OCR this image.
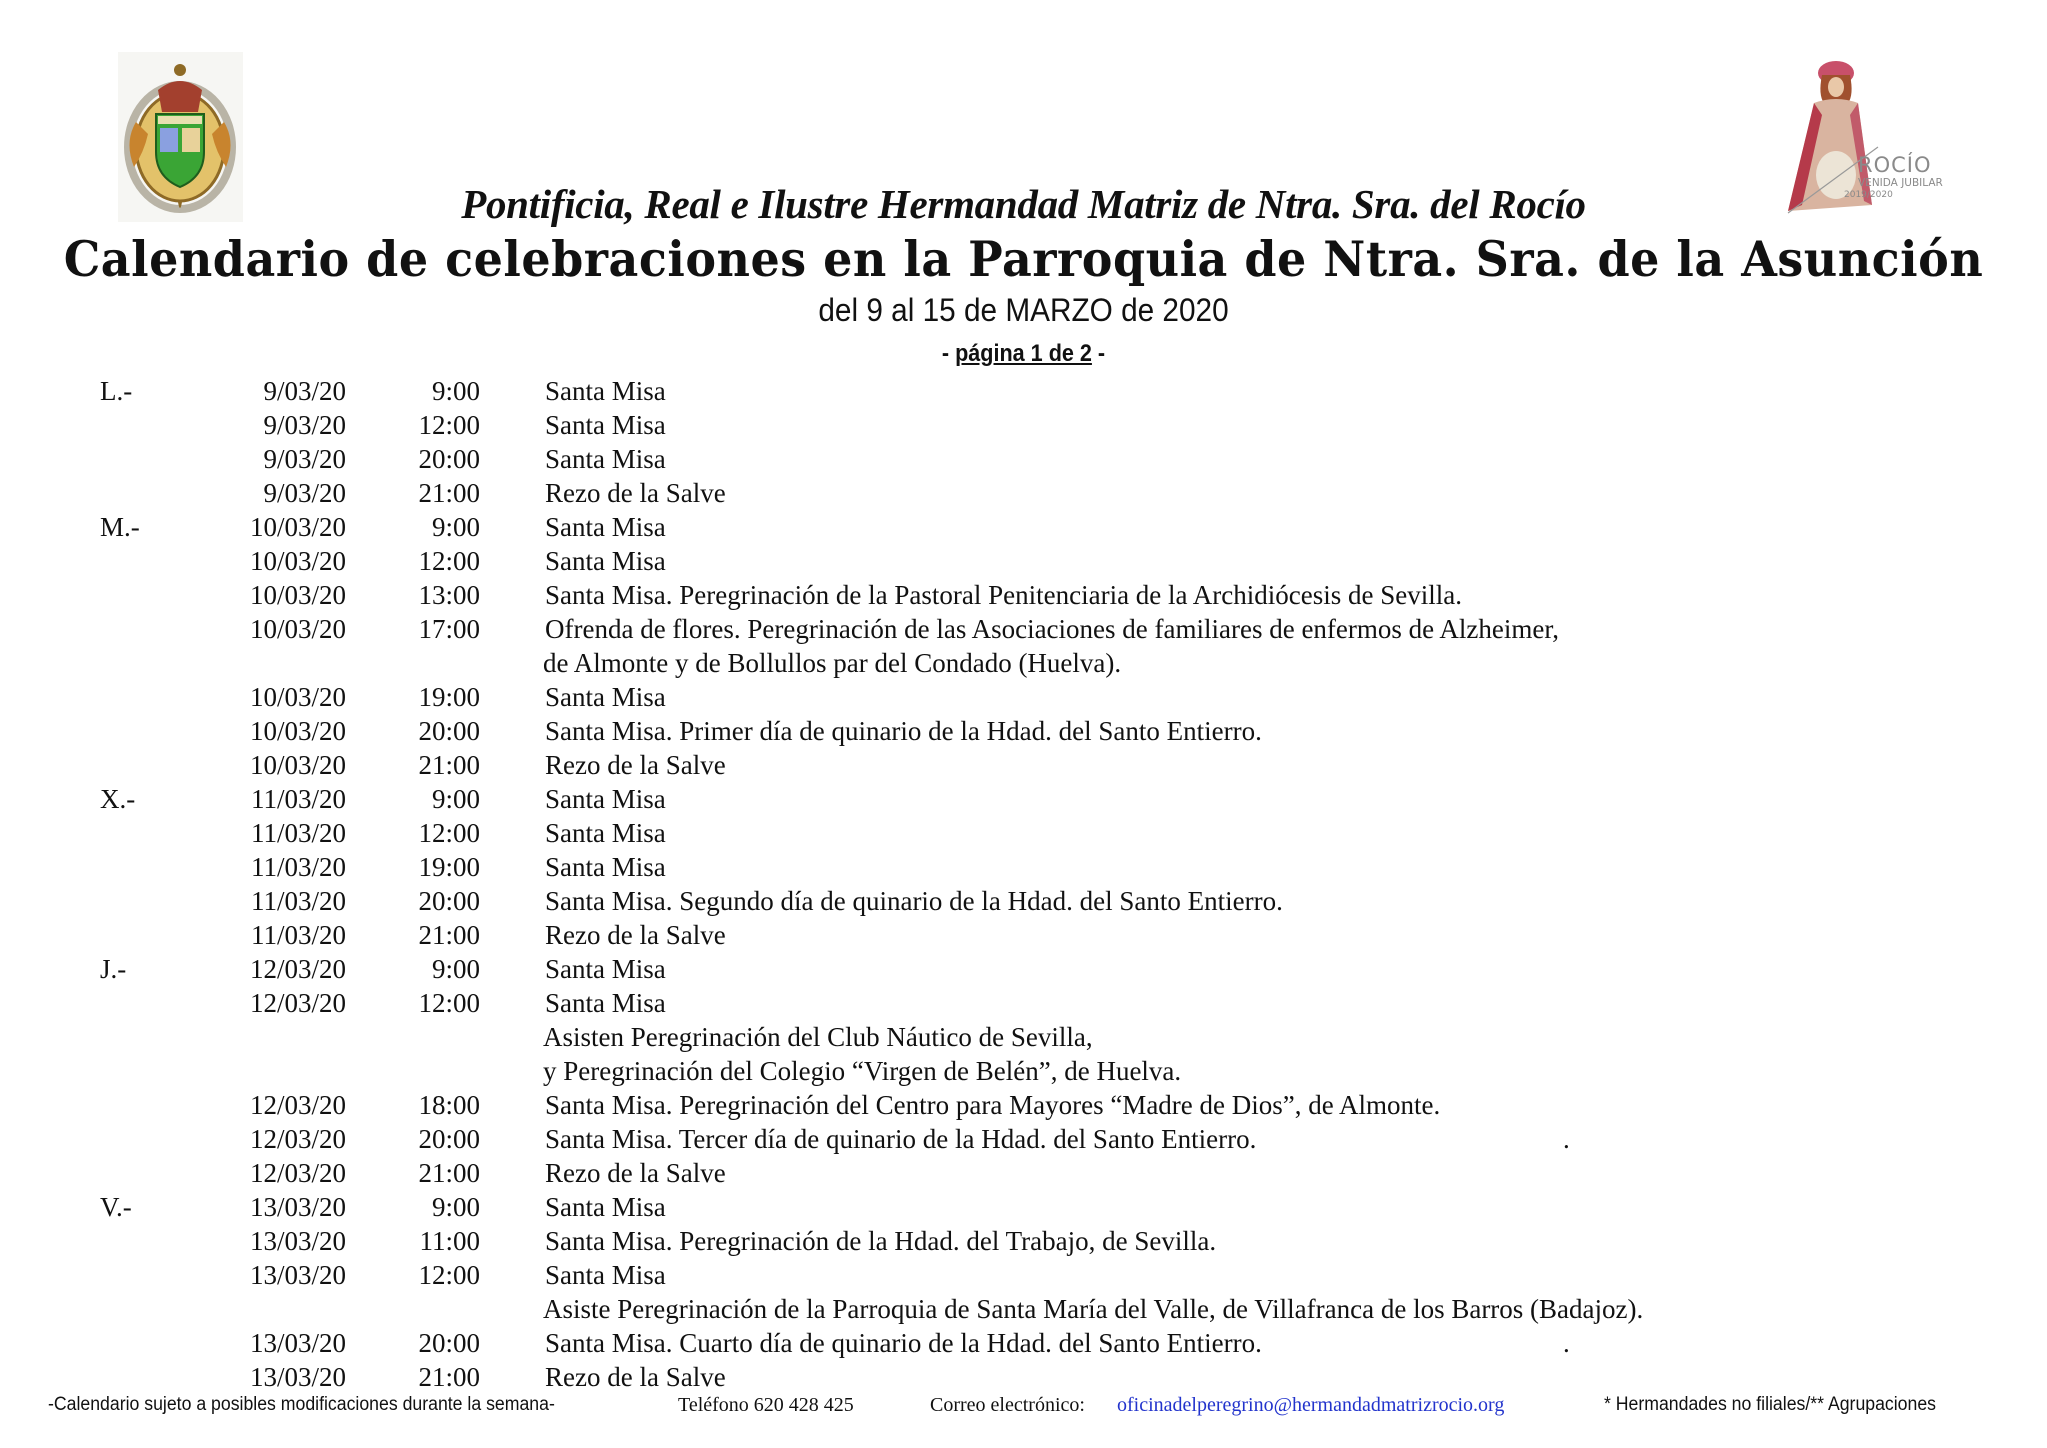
ROCÍO
VENIDA JUBILAR
2019/2020
Pontificia, Real e Ilustre Hermandad Matriz de Ntra. Sra. del Rocío
Calendario de celebraciones en la Parroquia de Ntra. Sra. de la Asunción
del 9 al 15 de MARZO de 2020
- página 1 de 2 -
L.-	9/03/20	9:00 Santa Misa
9/03/20	12:00 Santa Misa
9/03/20	20:00 Santa Misa
9/03/20	21:00 Rezo de la Salve
M.-	10/03/20	9:00 Santa Misa
10/03/20	12:00 Santa Misa
10/03/20	13:00 Santa Misa. Peregrinación de la Pastoral Penitenciaria de la Archidiócesis de Sevilla.
10/03/20	17:00 Ofrenda de flores. Peregrinación de las Asociaciones de familiares de enfermos de Alzheimer,
de Almonte y de Bollullos par del Condado (Huelva).
10/03/20	19:00 Santa Misa
10/03/20	20:00 Santa Misa. Primer día de quinario de la Hdad. del Santo Entierro.
10/03/20	21:00 Rezo de la Salve
X.-	11/03/20	9:00 Santa Misa
11/03/20	12:00 Santa Misa
11/03/20	19:00 Santa Misa
11/03/20	20:00 Santa Misa. Segundo día de quinario de la Hdad. del Santo Entierro.
11/03/20	21:00 Rezo de la Salve
J.-	12/03/20	9:00 Santa Misa
12/03/20	12:00 Santa Misa
Asisten Peregrinación del Club Náutico de Sevilla,
y Peregrinación del Colegio “Virgen de Belén”, de Huelva.
12/03/20	18:00 Santa Misa. Peregrinación del Centro para Mayores “Madre de Dios”, de Almonte.
12/03/20	20:00 Santa Misa. Tercer día de quinario de la Hdad. del Santo Entierro.	.
12/03/20	21:00 Rezo de la Salve
V.-	13/03/20	9:00 Santa Misa
13/03/20	11:00 Santa Misa. Peregrinación de la Hdad. del Trabajo, de Sevilla.
13/03/20	12:00 Santa Misa
Asiste Peregrinación de la Parroquia de Santa María del Valle, de Villafranca de los Barros (Badajoz).
13/03/20	20:00 Santa Misa. Cuarto día de quinario de la Hdad. del Santo Entierro.	.
13/03/20	21:00 Rezo de la Salve
-Calendario sujeto a posibles modificaciones durante la semana-	Teléfono 620 428 425	Correo electrónico: oficinadelperegrino@hermandadmatrizrocio.org	* Hermandades no filiales/** Agrupaciones
